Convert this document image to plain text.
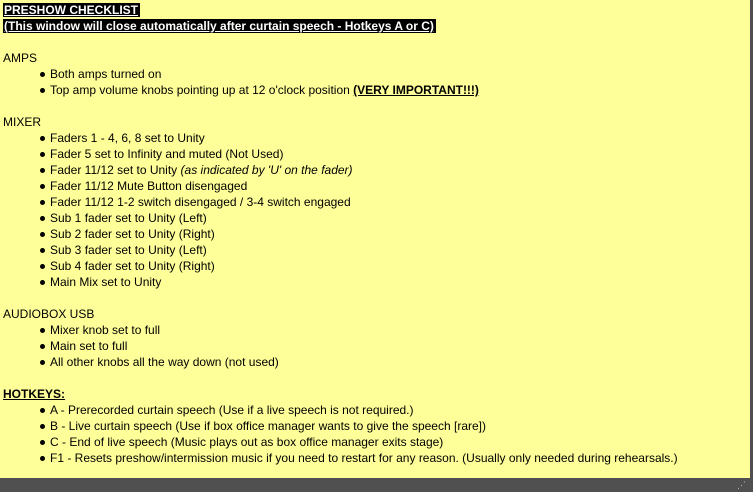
PRESHOW CHECKLIST
(This window will close automatically after curtain speech - Hotkeys A or C)
AMPS
Both amps turned on
Top amp volume knobs pointing up at 12 o'clock position (VERY IMPORTANT!!!)
MIXER
Faders 1 - 4, 6, 8 set to Unity
Fader 5 set to Infinity and muted (Not Used)
Fader 11/12 set to Unity (as indicated by 'U' on the fader)
Fader 11/12 Mute Button disengaged
Fader 11/12 1-2 switch disengaged / 3-4 switch engaged
Sub 1 fader set to Unity (Left)
Sub 2 fader set to Unity (Right)
Sub 3 fader set to Unity (Left)
Sub 4 fader set to Unity (Right)
Main Mix set to Unity
AUDIOBOX USB
Mixer knob set to full
Main set to full
All other knobs all the way down (not used)
HOTKEYS:
A - Prerecorded curtain speech (Use if a live speech is not required.)
B - Live curtain speech (Use if box office manager wants to give the speech [rare])
C - End of live speech (Music plays out as box office manager exits stage)
F1 - Resets preshow/intermission music if you need to restart for any reason. (Usually only needed during rehearsals.)
⋰
